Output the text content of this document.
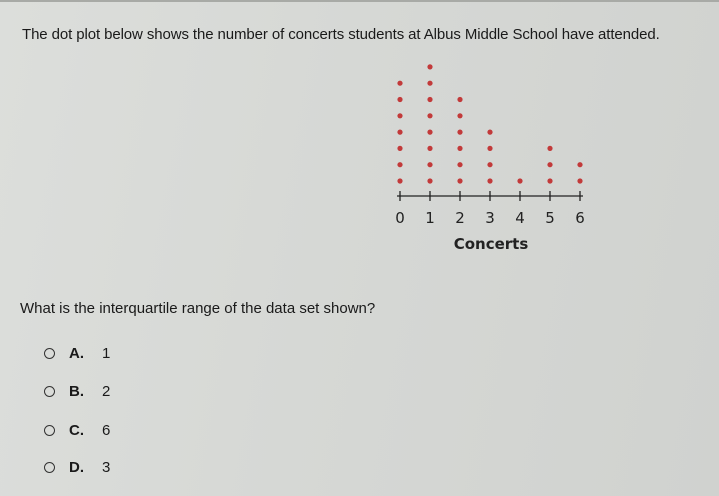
The dot plot below shows the number of concerts students at Albus Middle School have attended.
0 1 2 3 4 5 6
Concerts
What is the interquartile range of the data set shown?
A.	1
B.	2
C.	6
D.	3
